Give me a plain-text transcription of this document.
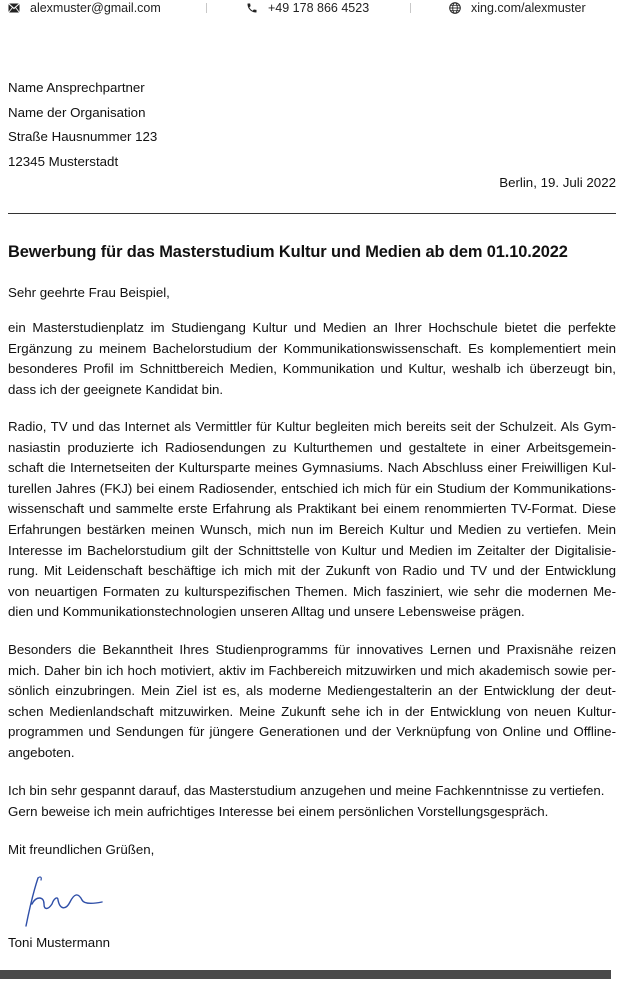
alexmuster@gmail.com	+49 178 866 4523	xing.com/alexmuster
Name Ansprechpartner
Name der Organisation
Straße Hausnummer 123
12345 Musterstadt
Berlin, 19. Juli 2022
Bewerbung für das Masterstudium Kultur und Medien ab dem 01.10.2022
Sehr geehrte Frau Beispiel,
ein Masterstudienplatz im Studiengang Kultur und Medien an Ihrer Hochschule bietet die perfekte
Ergänzung zu meinem Bachelorstudium der Kommunikationswissenschaft. Es komplementiert mein
besonderes Profil im Schnittbereich Medien, Kommunikation und Kultur, weshalb ich überzeugt bin,
dass ich der geeignete Kandidat bin.
Radio, TV und das Internet als Vermittler für Kultur begleiten mich bereits seit der Schulzeit. Als Gym-
nasiastin produzierte ich Radiosendungen zu Kulturthemen und gestaltete in einer Arbeitsgemein-
schaft die Internetseiten der Kultursparte meines Gymnasiums. Nach Abschluss einer Freiwilligen Kul-
turellen Jahres (FKJ) bei einem Radiosender, entschied ich mich für ein Studium der Kommunikations-
wissenschaft und sammelte erste Erfahrung als Praktikant bei einem renommierten TV-Format. Diese
Erfahrungen bestärken meinen Wunsch, mich nun im Bereich Kultur und Medien zu vertiefen. Mein
Interesse im Bachelorstudium gilt der Schnittstelle von Kultur und Medien im Zeitalter der Digitalisie-
rung. Mit Leidenschaft beschäftige ich mich mit der Zukunft von Radio und TV und der Entwicklung
von neuartigen Formaten zu kulturspezifischen Themen. Mich fasziniert, wie sehr die modernen Me-
dien und Kommunikationstechnologien unseren Alltag und unsere Lebensweise prägen.
Besonders die Bekanntheit Ihres Studienprogramms für innovatives Lernen und Praxisnähe reizen
mich. Daher bin ich hoch motiviert, aktiv im Fachbereich mitzuwirken und mich akademisch sowie per-
sönlich einzubringen. Mein Ziel ist es, als moderne Mediengestalterin an der Entwicklung der deut-
schen Medienlandschaft mitzuwirken. Meine Zukunft sehe ich in der Entwicklung von neuen Kultur-
programmen und Sendungen für jüngere Generationen und der Verknüpfung von Online und Offline-
angeboten.
Ich bin sehr gespannt darauf, das Masterstudium anzugehen und meine Fachkenntnisse zu vertiefen.
Gern beweise ich mein aufrichtiges Interesse bei einem persönlichen Vorstellungsgespräch.
Mit freundlichen Grüßen,
Toni Mustermann
